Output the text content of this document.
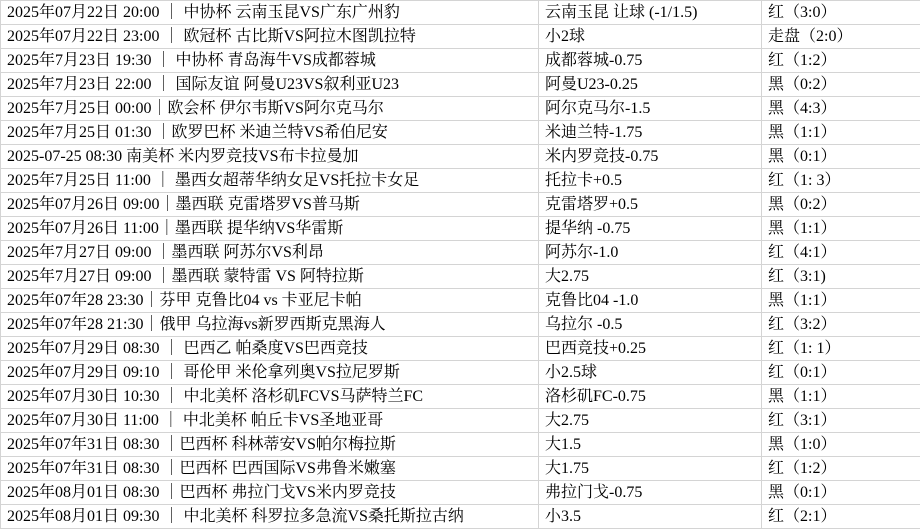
2025年07月22日 20:00 ｜ 中协杯 云南玉昆VS广东广州豹	云南玉昆 让球 (-1/1.5)	红（3:0）
2025年07月22日 23:00 ｜ 欧冠杯 古比斯VS阿拉木图凯拉特	小2球	走盘（2:0）
2025年7月23日 19:30 ｜ 中协杯 青岛海牛VS成都蓉城	成都蓉城-0.75	红（1:2）
2025年7月23日 22:00 ｜ 国际友谊 阿曼U23VS叙利亚U23	阿曼U23-0.25	黑（0:2）
2025年7月25日 00:00｜欧会杯 伊尔韦斯VS阿尔克马尔	阿尔克马尔-1.5	黑（4:3）
2025年7月25日 01:30 ｜欧罗巴杯 米迪兰特VS希伯尼安	米迪兰特-1.75	黑（1:1）
2025-07-25 08:30 南美杯 米内罗竞技VS布卡拉曼加	米内罗竞技-0.75	黑（0:1）
2025年7月25日 11:00 ｜ 墨西女超蒂华纳女足VS托拉卡女足	托拉卡+0.5	红（1: 3）
2025年07月26日 09:00｜墨西联 克雷塔罗VS普马斯	克雷塔罗+0.5	黑（0:2）
2025年07月26日 11:00｜墨西联 提华纳VS华雷斯	提华纳 -0.75	黑（1:1）
2025年7月27日 09:00 ｜墨西联 阿苏尔VS利昂	阿苏尔-1.0	红（4:1）
2025年7月27日 09:00 ｜墨西联 蒙特雷 VS 阿特拉斯	大2.75	红（3:1)
2025年07年28 23:30｜芬甲 克鲁比04 vs 卡亚尼卡帕	克鲁比04 -1.0	黑（1:1）
2025年07年28 21:30｜俄甲 乌拉海vs新罗西斯克黑海人	乌拉尔 -0.5	红（3:2）
2025年07月29日 08:30 ｜ 巴西乙 帕桑度VS巴西竞技	巴西竞技+0.25	红（1: 1）
2025年07月29日 09:10 ｜ 哥伦甲 米伦拿列奥VS拉尼罗斯	小2.5球	红（0:1）
2025年07月30日 10:30 ｜ 中北美杯 洛杉矶FCVS马萨特兰FC	洛杉矶FC-0.75	黑（1:1）
2025年07月30日 11:00 ｜ 中北美杯 帕丘卡VS圣地亚哥	大2.75	红（3:1）
2025年07年31日 08:30 ｜巴西杯 科林蒂安VS帕尔梅拉斯	大1.5	黑（1:0）
2025年07年31日 08:30 ｜巴西杯 巴西国际VS弗鲁米嫩塞	大1.75	红（1:2）
2025年08月01日 08:30 ｜巴西杯 弗拉门戈VS米内罗竞技	弗拉门戈-0.75	黑（0:1）
2025年08月01日 09:30 ｜ 中北美杯 科罗拉多急流VS桑托斯拉古纳	小3.5	红（2:1）
